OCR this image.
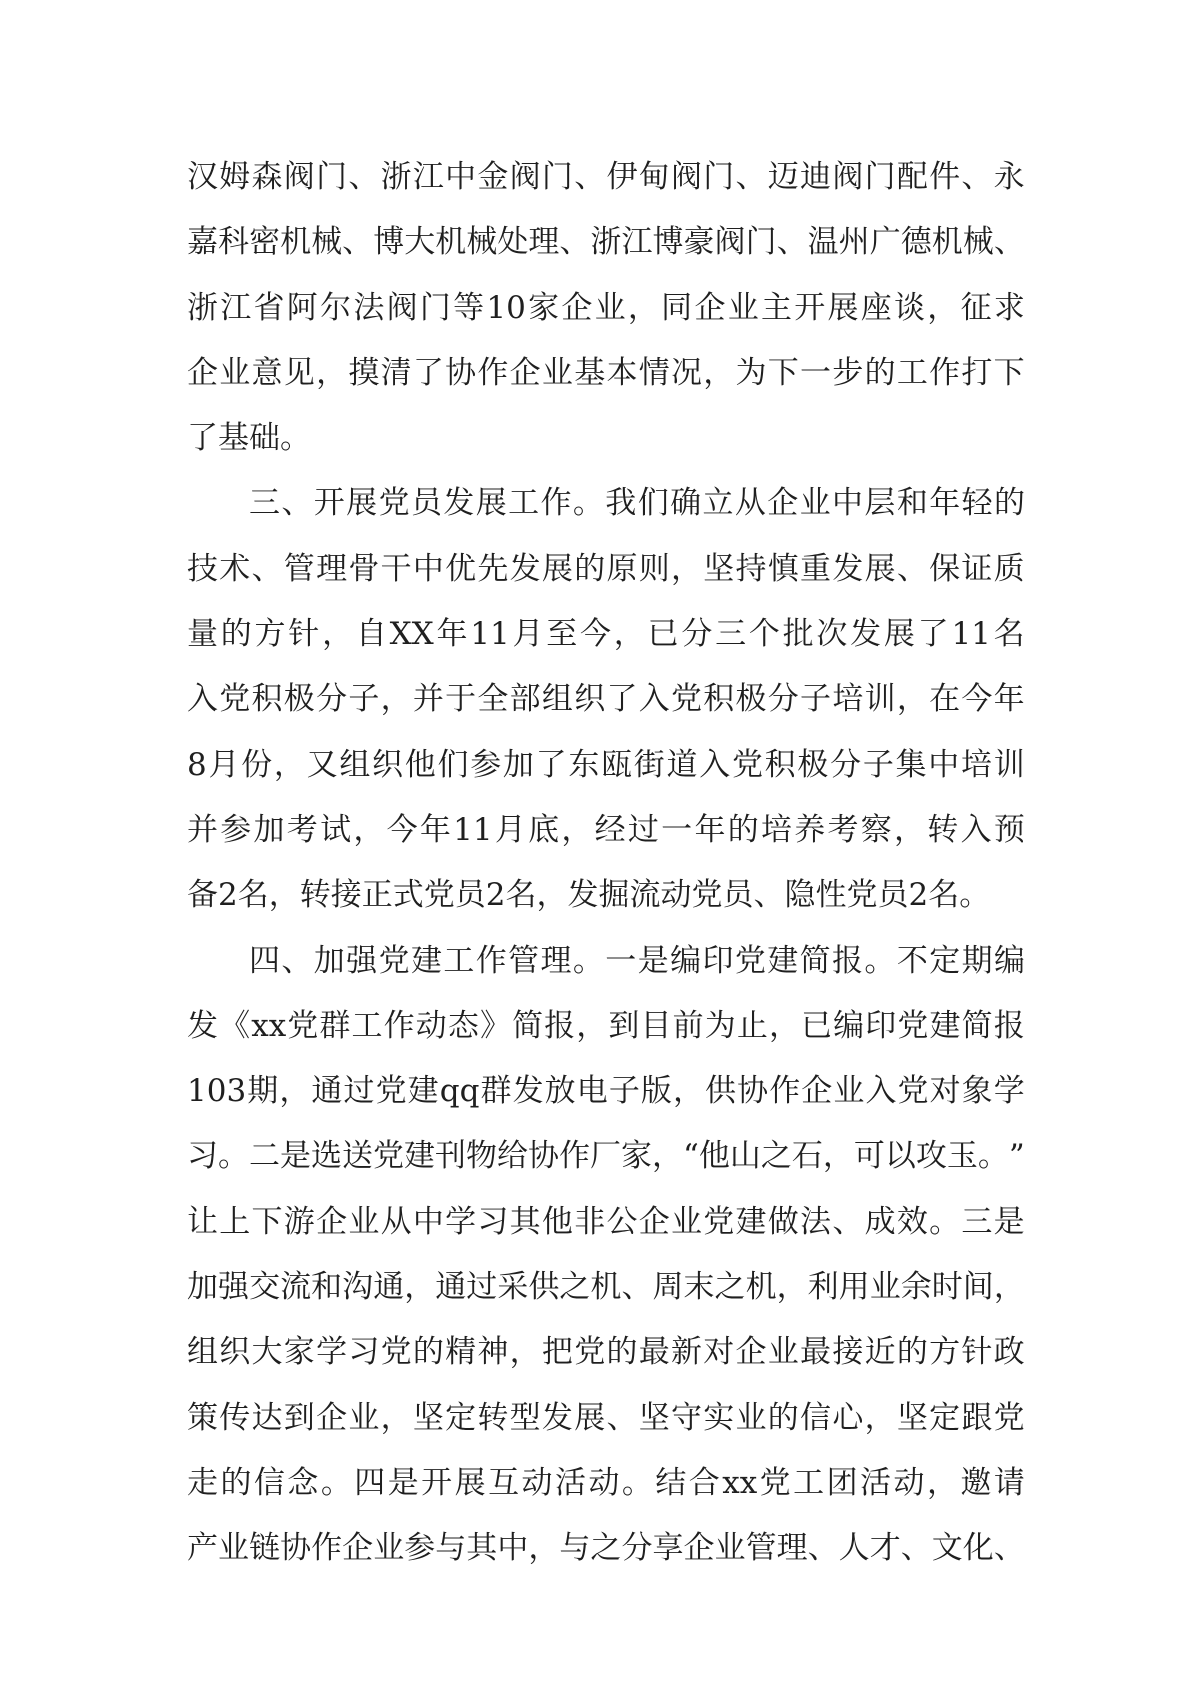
汉 姆 森 阀 门 、 浙 江 中 金 阀 门 、 伊 甸 阀 门 、 迈 迪 阀 门 配 件 、 永
嘉 科 密 机 械 、 博 大 机 械 处 理 、 浙 江 博 豪 阀 门 、 温 州 广 德 机 械 、
浙 江 省 阿 尔 法 阀 门 等 10 家 企 业 ， 同 企 业 主 开 展 座 谈 ， 征 求
企 业 意 见 ， 摸 清 了 协 作 企 业 基 本 情 况 ， 为 下 一 步 的 工 作 打 下
了 基 础 。
三 、 开 展 党 员 发 展 工 作 。 我 们 确 立 从 企 业 中 层 和 年 轻 的
技 术 、 管 理 骨 干 中 优 先 发 展 的 原 则 ， 坚 持 慎 重 发 展 、 保 证 质
量 的 方 针 ， 自 XX 年 11 月 至 今 ， 已 分 三 个 批 次 发 展 了 11 名
入 党 积 极 分 子 ， 并 于 全 部 组 织 了 入 党 积 极 分 子 培 训 ， 在 今 年
8 月 份 ， 又 组 织 他 们 参 加 了 东 瓯 街 道 入 党 积 极 分 子 集 中 培 训
并 参 加 考 试 ， 今 年 11 月 底 ， 经 过 一 年 的 培 养 考 察 ， 转 入 预
备 2 名 ， 转 接 正 式 党 员 2 名 ， 发 掘 流 动 党 员 、 隐 性 党 员 2 名 。
四 、 加 强 党 建 工 作 管 理 。 一 是 编 印 党 建 简 报 。 不 定 期 编
发 《 xx 党 群 工 作 动 态 》 简 报 ， 到 目 前 为 止 ， 已 编 印 党 建 简 报
103 期 ， 通 过 党 建 qq 群 发 放 电 子 版 ， 供 协 作 企 业 入 党 对 象 学
习 。 二 是 选 送 党 建 刊 物 给 协 作 厂 家 ， “ 他 山 之 石 ， 可 以 攻 玉 。 ”
让 上 下 游 企 业 从 中 学 习 其 他 非 公 企 业 党 建 做 法 、 成 效 。 三 是
加 强 交 流 和 沟 通 ， 通 过 采 供 之 机 、 周 末 之 机 ， 利 用 业 余 时 间 ，
组 织 大 家 学 习 党 的 精 神 ， 把 党 的 最 新 对 企 业 最 接 近 的 方 针 政
策 传 达 到 企 业 ， 坚 定 转 型 发 展 、 坚 守 实 业 的 信 心 ， 坚 定 跟 党
走 的 信 念 。 四 是 开 展 互 动 活 动 。 结 合 xx 党 工 团 活 动 ， 邀 请
产 业 链 协 作 企 业 参 与 其 中 ， 与 之 分 享 企 业 管 理 、 人 才 、 文 化 、
